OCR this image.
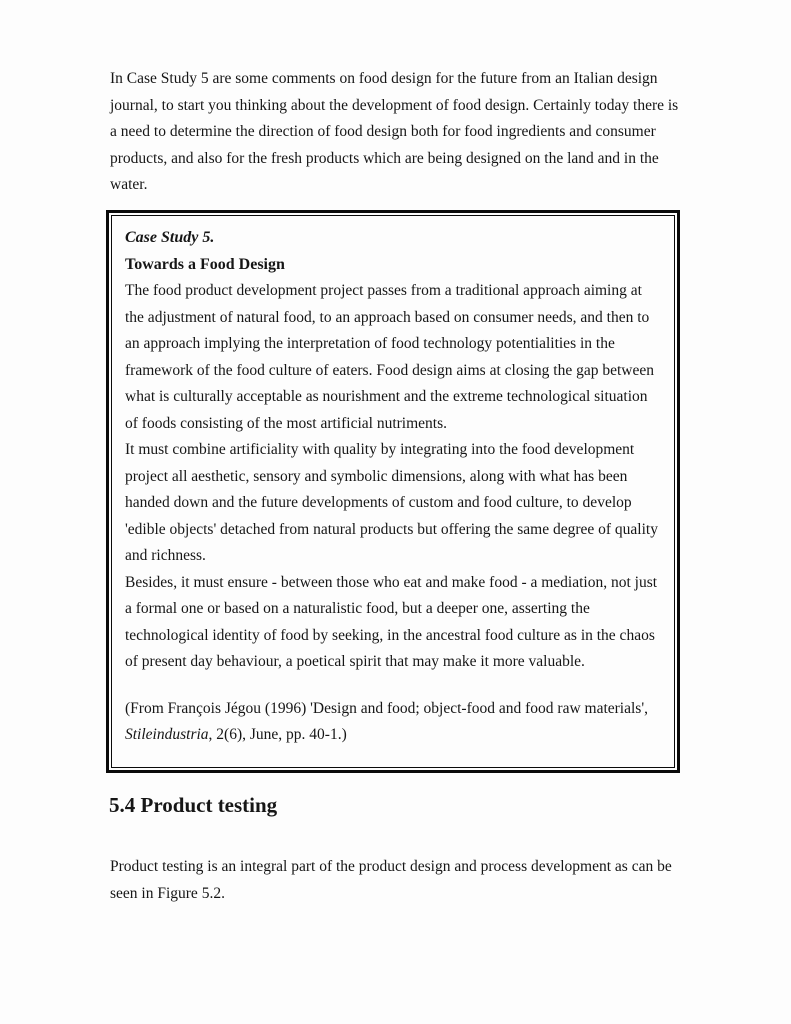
In Case Study 5 are some comments on food design for the future from an Italian design journal, to start you thinking about the development of food design. Certainly today there is a need to determine the direction of food design both for food ingredients and consumer products, and also for the fresh products which are being designed on the land and in the water.

Case Study 5.

Towards a Food Design

The food product development project passes from a traditional approach aiming at the adjustment of natural food, to an approach based on consumer needs, and then to an approach implying the interpretation of food technology potentialities in the framework of the food culture of eaters. Food design aims at closing the gap between what is culturally acceptable as nourishment and the extreme technological situation of foods consisting of the most artificial nutriments.

It must combine artificiality with quality by integrating into the food development project all aesthetic, sensory and symbolic dimensions, along with what has been handed down and the future developments of custom and food culture, to develop 'edible objects' detached from natural products but offering the same degree of quality and richness.

Besides, it must ensure - between those who eat and make food - a mediation, not just a formal one or based on a naturalistic food, but a deeper one, asserting the technological identity of food by seeking, in the ancestral food culture as in the chaos of present day behaviour, a poetical spirit that may make it more valuable.

(From François Jégou (1996) 'Design and food; object-food and food raw materials', Stileindustria, 2(6), June, pp. 40-1.)

5.4 Product testing

Product testing is an integral part of the product design and process development as can be seen in Figure 5.2.
